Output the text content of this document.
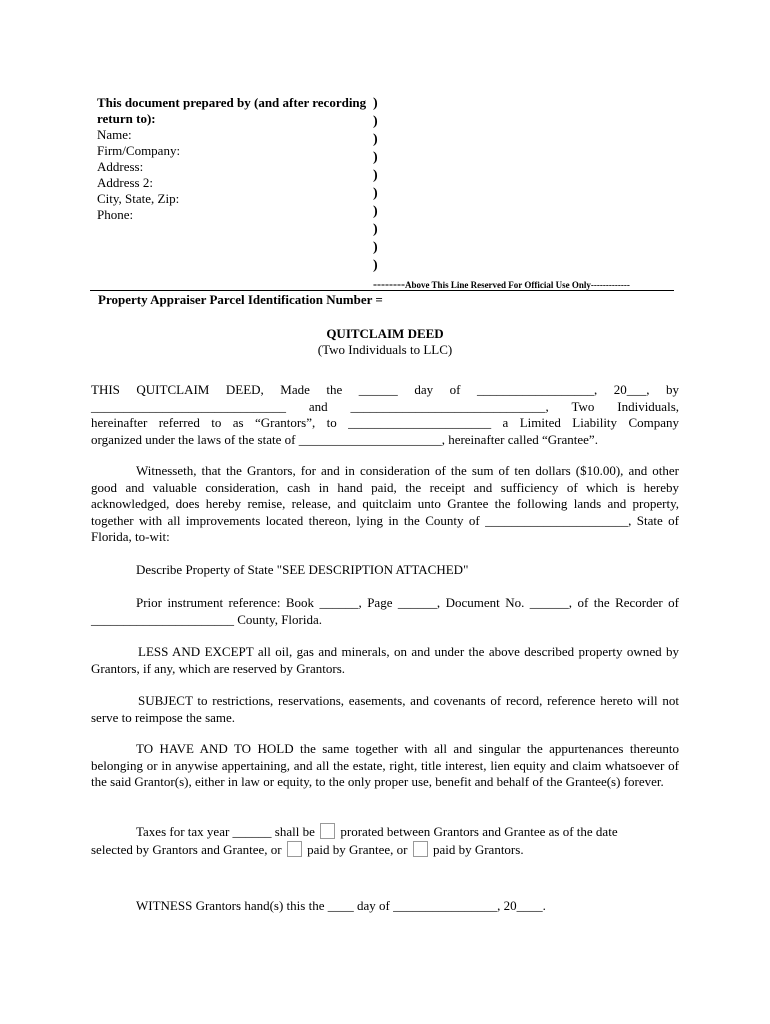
This document prepared by (and after recording return to):
Name:
Firm/Company:
Address:
Address 2:
City, State, Zip:
Phone:
)
)
)
)
)
)
)
)
)
)
--------Above This Line Reserved For Official Use Only-------------
Property Appraiser Parcel Identification Number =
QUITCLAIM DEED
(Two Individuals to LLC)
THIS QUITCLAIM DEED, Made the ______ day of __________________, 20___, by
______________________________ and ______________________________, Two Individuals,
hereinafter referred to as “Grantors”, to ______________________ a Limited Liability Company
organized under the laws of the state of ______________________, hereinafter called “Grantee”.

Witnesseth, that the Grantors, for and in consideration of the sum of ten dollars ($10.00), and other good and valuable consideration, cash in hand paid, the receipt and sufficiency of which is hereby acknowledged, does hereby remise, release, and quitclaim unto Grantee the following lands and property, together with all improvements located thereon, lying in the County of ______________________, State of Florida, to-wit:

Describe Property of State "SEE DESCRIPTION ATTACHED"

Prior instrument reference: Book ______, Page ______, Document No. ______, of the Recorder of ______________________ County, Florida.

LESS AND EXCEPT all oil, gas and minerals, on and under the above described property owned by Grantors, if any, which are reserved by Grantors.

SUBJECT to restrictions, reservations, easements, and covenants of record, reference hereto will not serve to reimpose the same.

TO HAVE AND TO HOLD the same together with all and singular the appurtenances thereunto belonging or in anywise appertaining, and all the estate, right, title interest, lien equity and claim whatsoever of the said Grantor(s), either in law or equity, to the only proper use, benefit and behalf of the Grantee(s) forever.

Taxes for tax year ______ shall be prorated between Grantors and Grantee as of the date
selected by Grantors and Grantee, or paid by Grantee, or paid by Grantors.

WITNESS Grantors hand(s) this the ____ day of ________________, 20____.
